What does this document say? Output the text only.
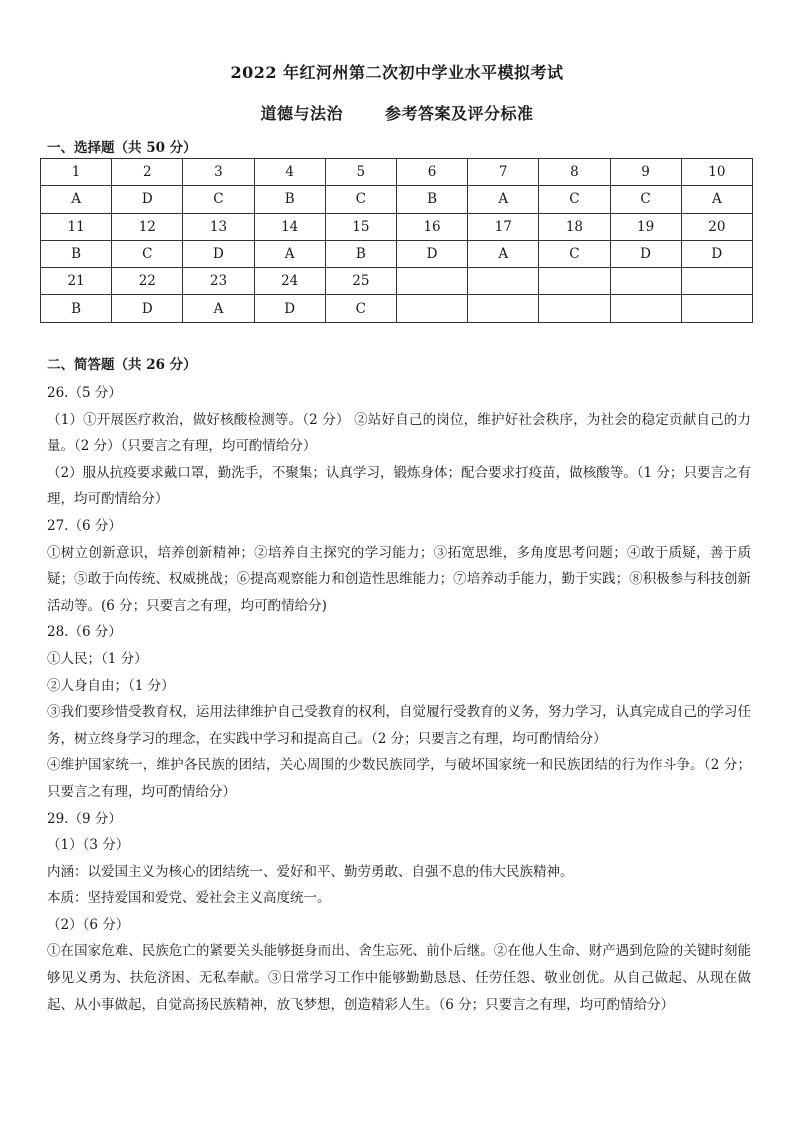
2022 年红河州第二次初中学业水平模拟考试
道德与法治	参考答案及评分标准
一、选择题（共 50 分）
1	2	3	4	5	6	7	8	9	10
A	D	C	B	C	B	A	C	C	A
11	12	13	14	15	16	17	18	19	20
B	C	D	A	B	D	A	C	D	D
21	22	23	24	25					
B	D	A	D	C					
二、简答题（共 26 分）

26.（5 分）

（1）①开展医疗救治，做好核酸检测等。（2 分） ②站好自己的岗位，维护好社会秩序，为社会的稳定贡献自己的力量。（2 分）（只要言之有理，均可酌情给分）

（2）服从抗疫要求戴口罩，勤洗手，不聚集；认真学习，锻炼身体；配合要求打疫苗，做核酸等。（1 分；只要言之有理，均可酌情给分）

27.（6 分）

①树立创新意识，培养创新精神；②培养自主探究的学习能力；③拓宽思维，多角度思考问题；④敢于质疑，善于质疑；⑤敢于向传统、权威挑战；⑥提高观察能力和创造性思维能力；⑦培养动手能力，勤于实践；⑧积极参与科技创新活动等。(6 分；只要言之有理，均可酌情给分)

28.（6 分）

①人民；（1 分）

②人身自由；（1 分）

③我们要珍惜受教育权，运用法律维护自己受教育的权利，自觉履行受教育的义务，努力学习，认真完成自己的学习任务，树立终身学习的理念，在实践中学习和提高自己。（2 分；只要言之有理，均可酌情给分）

④维护国家统一，维护各民族的团结，关心周围的少数民族同学，与破坏国家统一和民族团结的行为作斗争。（2 分；只要言之有理，均可酌情给分）

29.（9 分）

（1）（3 分）

内涵：以爱国主义为核心的团结统一、爱好和平、勤劳勇敢、自强不息的伟大民族精神。

本质：坚持爱国和爱党、爱社会主义高度统一。

（2）（6 分）

①在国家危难、民族危亡的紧要关头能够挺身而出、舍生忘死、前仆后继。②在他人生命、财产遇到危险的关键时刻能够见义勇为、扶危济困、无私奉献。③日常学习工作中能够勤勤恳恳、任劳任怨、敬业创优。从自己做起、从现在做起、从小事做起，自觉高扬民族精神，放飞梦想，创造精彩人生。（6 分；只要言之有理，均可酌情给分）
